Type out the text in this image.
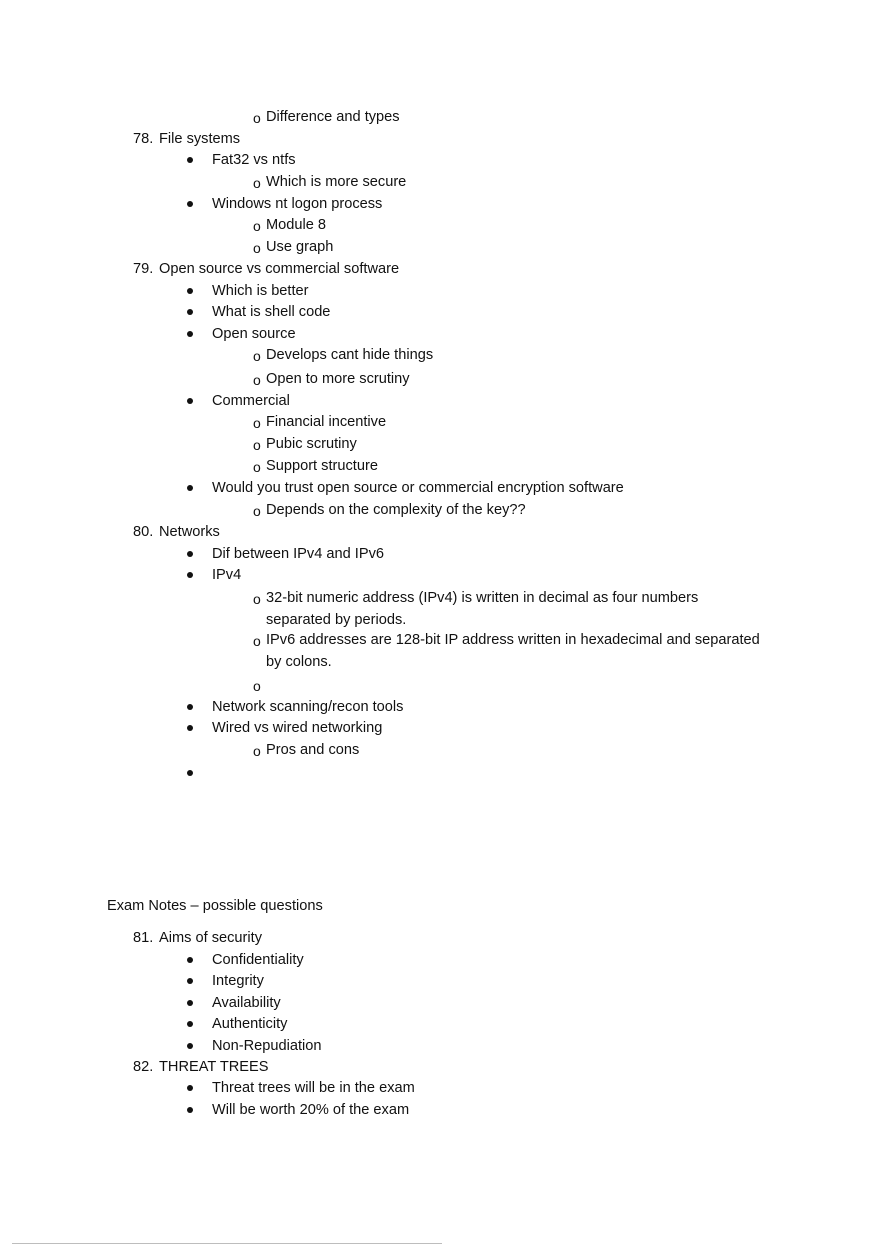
o Difference and types
78. File systems
Fat32 vs ntfs
o Which is more secure
Windows nt logon process
o Module 8
o Use graph
79. Open source vs commercial software
Which is better
What is shell code
Open source
o Develops cant hide things
o Open to more scrutiny
Commercial
o Financial incentive
o Pubic scrutiny
o Support structure
Would you trust open source or commercial encryption software
o Depends on the complexity of the key??
80. Networks
Dif between IPv4 and IPv6
IPv4
o 32-bit numeric address (IPv4) is written in decimal as four numbers
separated by periods.
o IPv6 addresses are 128-bit IP address written in hexadecimal and separated
by colons.
o
Network scanning/recon tools
Wired vs wired networking
o Pros and cons
Exam Notes – possible questions
81. Aims of security
Confidentiality
Integrity
Availability
Authenticity
Non-Repudiation
82. THREAT TREES
Threat trees will be in the exam
Will be worth 20% of the exam
